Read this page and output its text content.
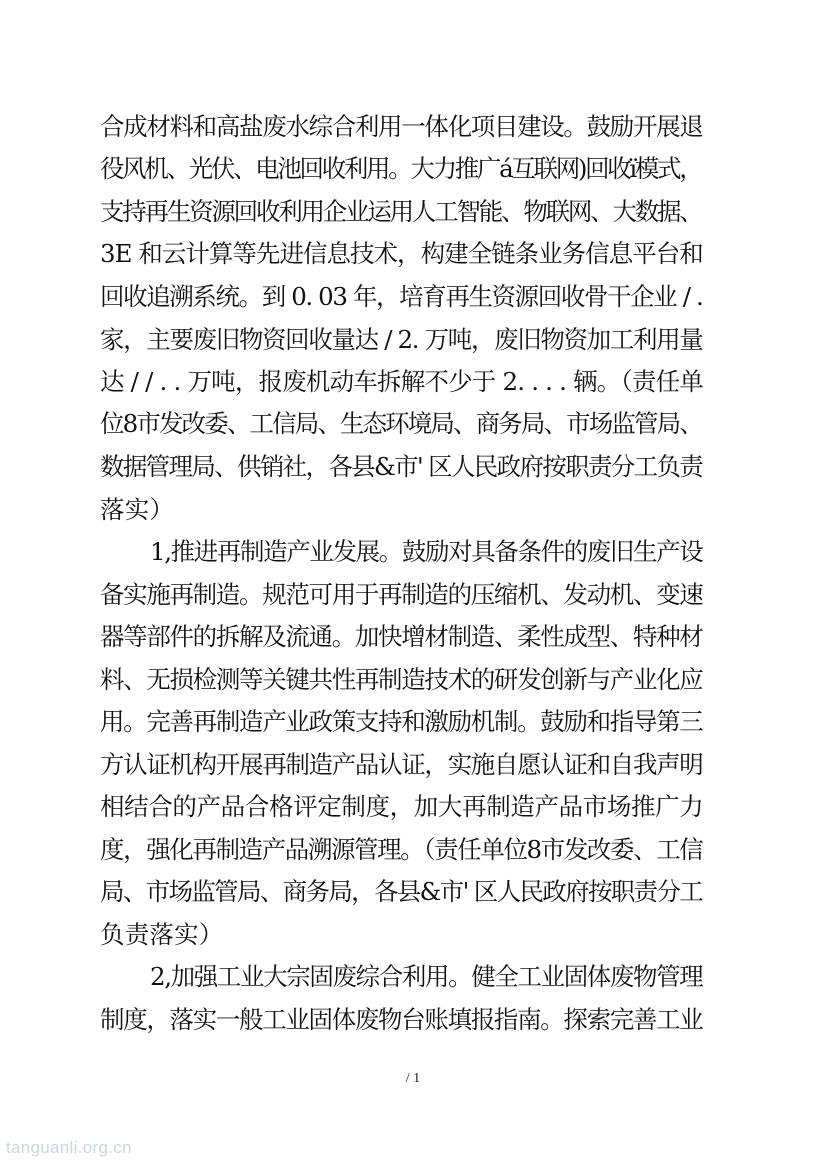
合成材料和高盐废水综合利用一体化项目建设。鼓励开展退
役风机、光伏、电池回收利用。大力推广á互联网)回收ï模式，
支持再生资源回收利用企业运用人工智能、物联网、大数据、
3E 和云计算等先进信息技术，构建全链条业务信息平台和
回收追溯系统。到 0. 03 年，培育再生资源回收骨干企业 / .
家，主要废旧物资回收量达 / 2. 万吨，废旧物资加工利用量
达 / / . . 万吨，报废机动车拆解不少于 2. . . . 辆。（责任单
位8市发改委、工信局、生态环境局、商务局、市场监管局、
数据管理局、供销社，各县&市' 区人民政府按职责分工负责
落实）
1,推进再制造产业发展。鼓励对具备条件的废旧生产设
备实施再制造。规范可用于再制造的压缩机、发动机、变速
器等部件的拆解及流通。加快增材制造、柔性成型、特种材
料、无损检测等关键共性再制造技术的研发创新与产业化应
用。完善再制造产业政策支持和激励机制。鼓励和指导第三
方认证机构开展再制造产品认证，实施自愿认证和自我声明
相结合的产品合格评定制度，加大再制造产品市场推广力
度，强化再制造产品溯源管理。（责任单位8市发改委、工信
局、市场监管局、商务局，各县&市' 区人民政府按职责分工
负责落实）
2,加强工业大宗固废综合利用。健全工业固体废物管理
制度，落实一般工业固体废物台账填报指南。探索完善工业
/ 1
tanguanli.org.cn
